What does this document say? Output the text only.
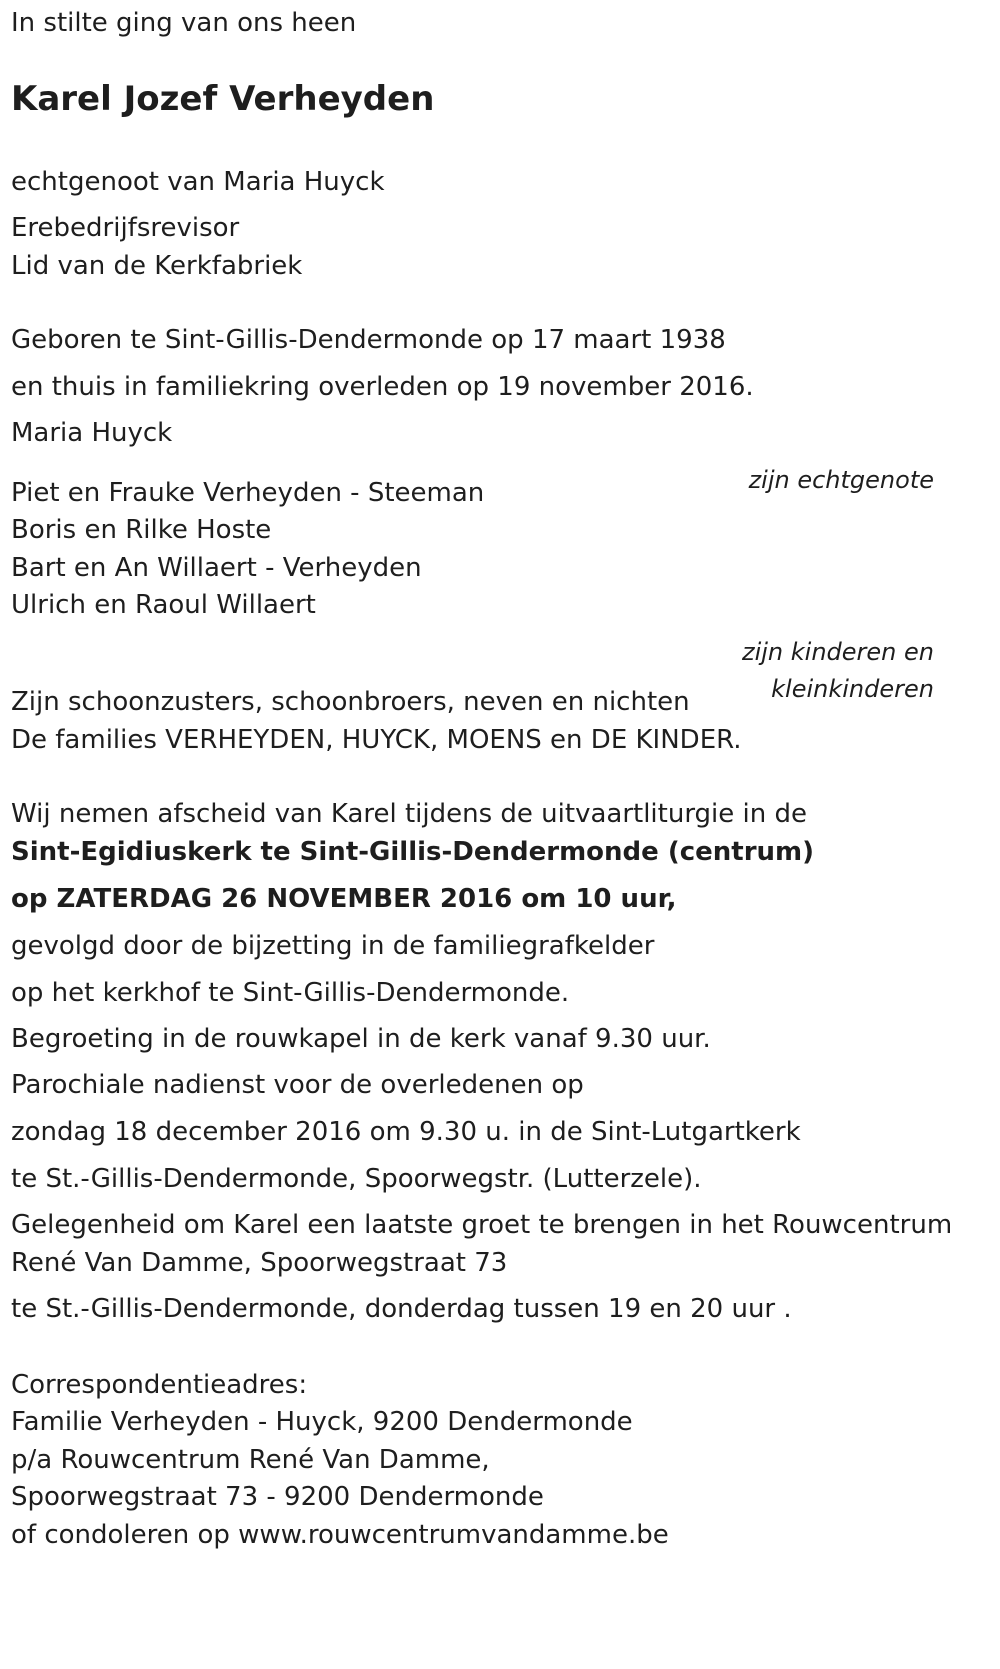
In stilte ging van ons heen

Karel Jozef Verheyden

echtgenoot van Maria Huyck

Erebedrijfsrevisor

Lid van de Kerkfabriek

Geboren te Sint-Gillis-Dendermonde op 17 maart 1938

en thuis in familiekring overleden op 19 november 2016.

Maria Huyck

zijn echtgenote

Piet en Frauke Verheyden - Steeman

Boris en Rilke Hoste

Bart en An Willaert - Verheyden

Ulrich en Raoul Willaert

zijn kinderen en

kleinkinderen

Zijn schoonzusters, schoonbroers, neven en nichten

De families VERHEYDEN, HUYCK, MOENS en DE KINDER.

Wij nemen afscheid van Karel tijdens de uitvaartliturgie in de

Sint-Egidiuskerk te Sint-Gillis-Dendermonde (centrum)

op ZATERDAG 26 NOVEMBER 2016 om 10 uur,

gevolgd door de bijzetting in de familiegrafkelder

op het kerkhof te Sint-Gillis-Dendermonde.

Begroeting in de rouwkapel in de kerk vanaf 9.30 uur.

Parochiale nadienst voor de overledenen op

zondag 18 december 2016 om 9.30 u. in de Sint-Lutgartkerk

te St.-Gillis-Dendermonde, Spoorwegstr. (Lutterzele).

Gelegenheid om Karel een laatste groet te brengen in het Rouwcentrum

René Van Damme, Spoorwegstraat 73

te St.-Gillis-Dendermonde, donderdag tussen 19 en 20 uur .

Correspondentieadres:

Familie Verheyden - Huyck, 9200 Dendermonde

p/a Rouwcentrum René Van Damme,

Spoorwegstraat 73 - 9200 Dendermonde

of condoleren op www.rouwcentrumvandamme.be
